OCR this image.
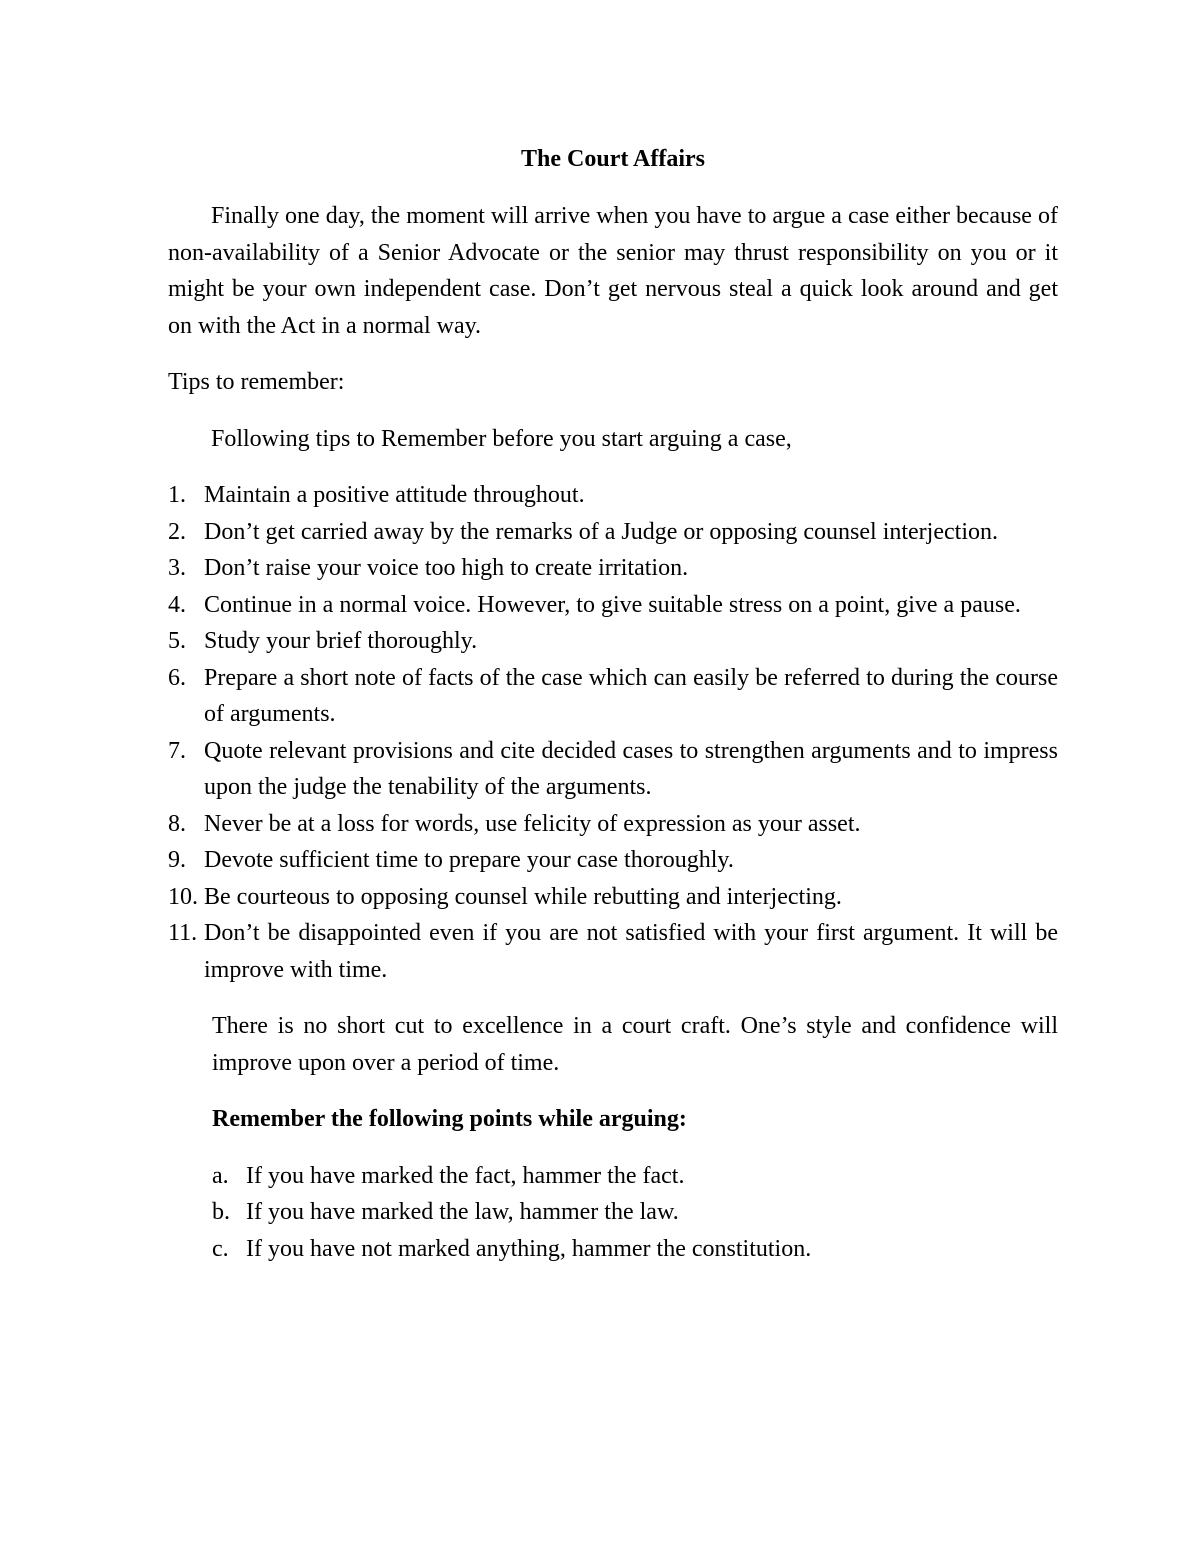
The Court Affairs

Finally one day, the moment will arrive when you have to argue a case either because of non-availability of a Senior Advocate or the senior may thrust responsibility on you or it might be your own independent case. Don’t get nervous steal a quick look around and get on with the Act in a normal way.

Tips to remember:

Following tips to Remember before you start arguing a case,

1. Maintain a positive attitude throughout.
2. Don’t get carried away by the remarks of a Judge or opposing counsel interjection.
3. Don’t raise your voice too high to create irritation.
4. Continue in a normal voice. However, to give suitable stress on a point, give a pause.
5. Study your brief thoroughly.
6. Prepare a short note of facts of the case which can easily be referred to during the course of arguments.
7. Quote relevant provisions and cite decided cases to strengthen arguments and to impress upon the judge the tenability of the arguments.
8. Never be at a loss for words, use felicity of expression as your asset.
9. Devote sufficient time to prepare your case thoroughly.
10. Be courteous to opposing counsel while rebutting and interjecting.
11. Don’t be disappointed even if you are not satisfied with your first argument. It will be improve with time.

There is no short cut to excellence in a court craft. One’s style and confidence will improve upon over a period of time.

Remember the following points while arguing:

a. If you have marked the fact, hammer the fact.
b. If you have marked the law, hammer the law.
c. If you have not marked anything, hammer the constitution.
